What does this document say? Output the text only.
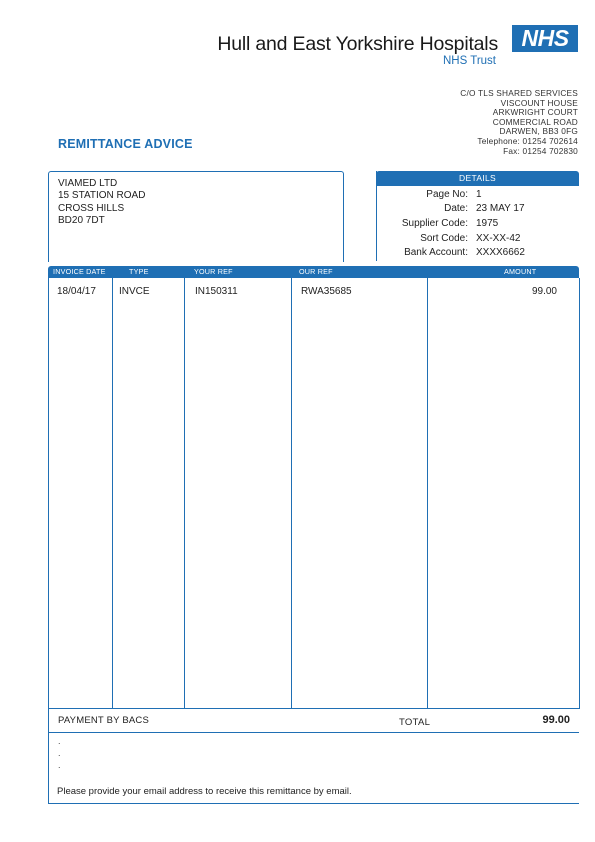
Hull and East Yorkshire Hospitals
NHS Trust
NHS
C/O TLS SHARED SERVICES
VISCOUNT HOUSE
ARKWRIGHT COURT
COMMERCIAL ROAD
DARWEN, BB3 0FG
Telephone: 01254 702614
Fax: 01254 702830
REMITTANCE ADVICE
VIAMED LTD
15 STATION ROAD
CROSS HILLS
BD20 7DT
DETAILS
Page No: 1
Date: 23 MAY 17
Supplier Code: 1975
Sort Code: XX-XX-42
Bank Account: XXXX6662
INVOICE DATE	TYPE	YOUR REF	OUR REF	AMOUNT
18/04/17 INVCE	IN150311	RWA35685	99.00
PAYMENT BY BACS	TOTAL	99.00
.
.
.
Please provide your email address to receive this remittance by email.
